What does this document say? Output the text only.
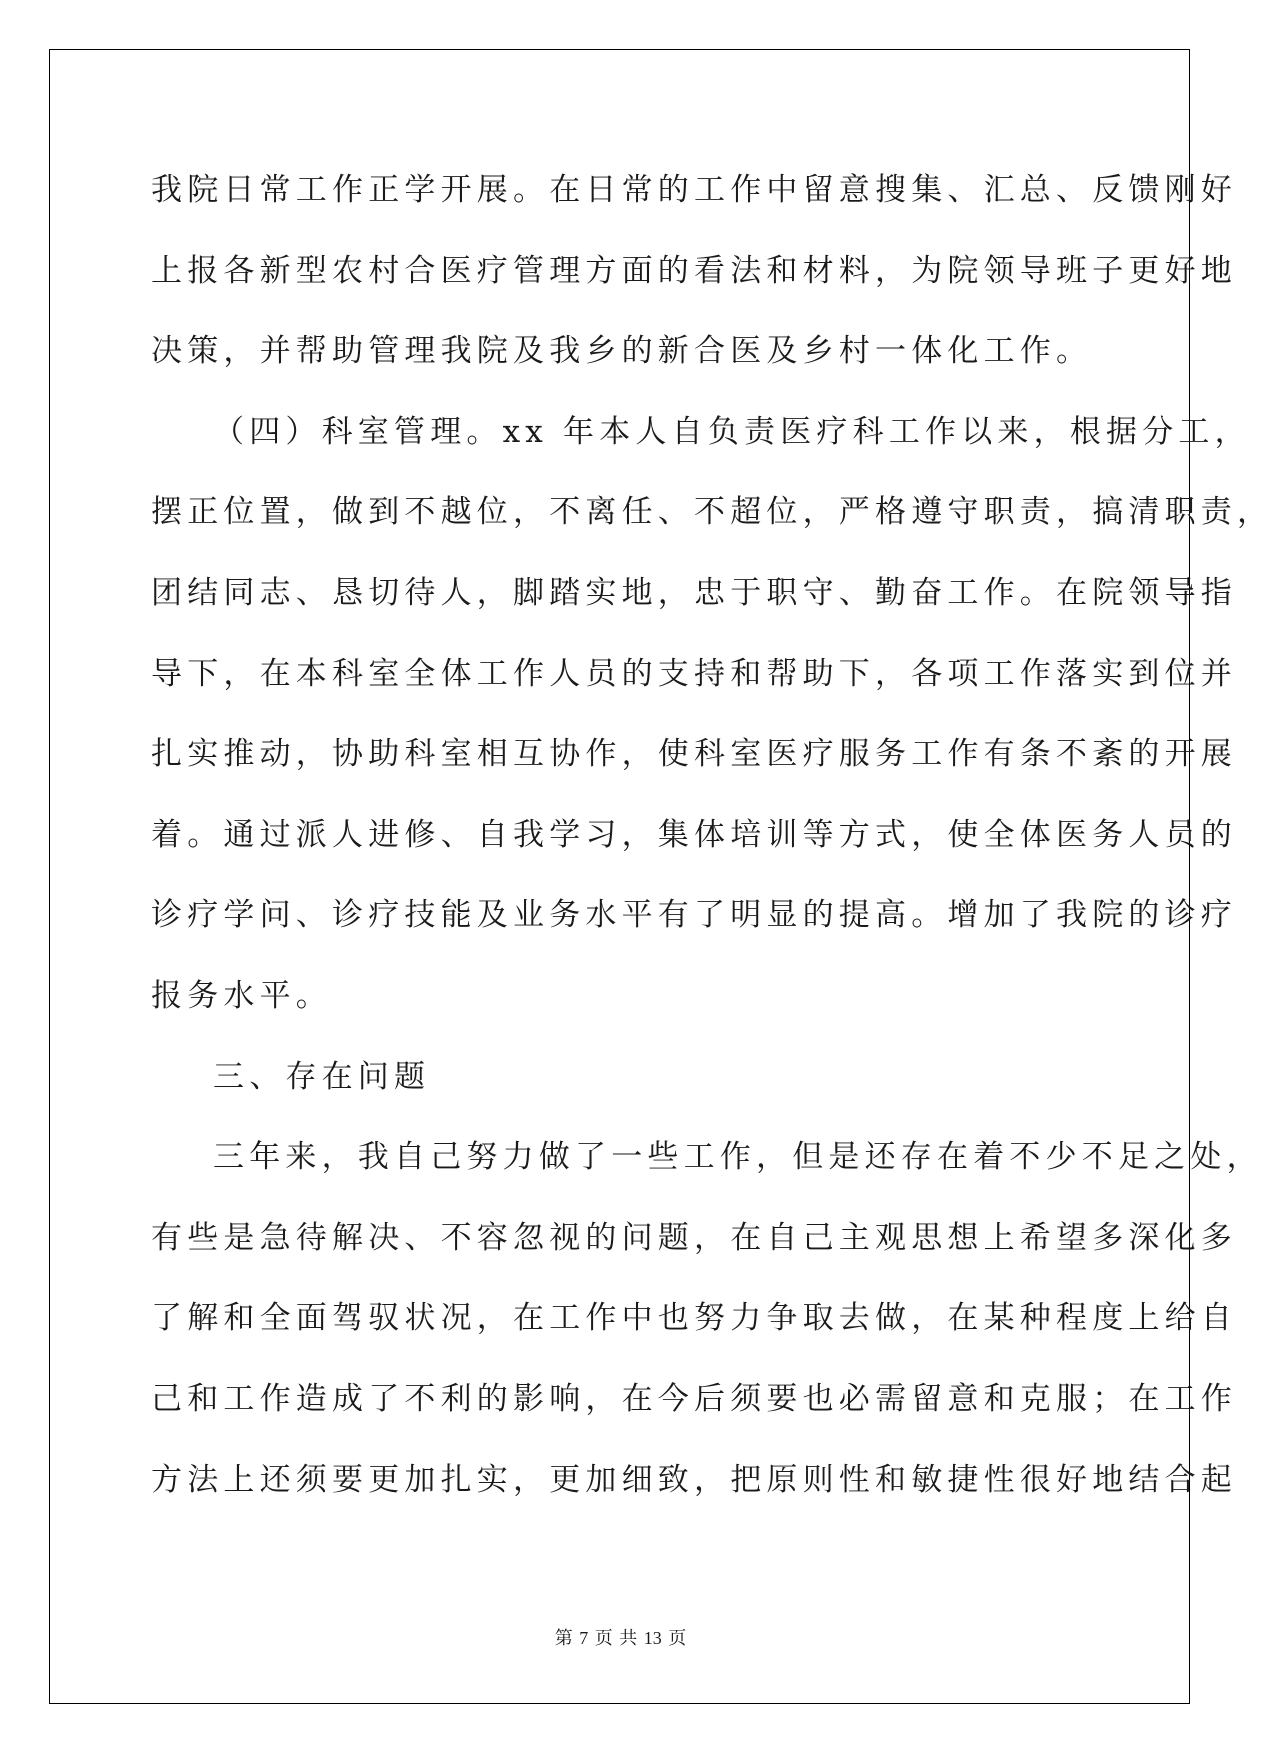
我院日常工作正学开展。在日常的工作中留意搜集、汇总、反馈刚好
上报各新型农村合医疗管理方面的看法和材料，为院领导班子更好地
决策，并帮助管理我院及我乡的新合医及乡村一体化工作。
（四）科室管理。xx 年本人自负责医疗科工作以来，根据分工，
摆正位置，做到不越位，不离任、不超位，严格遵守职责，搞清职责，
团结同志、恳切待人，脚踏实地，忠于职守、勤奋工作。在院领导指
导下，在本科室全体工作人员的支持和帮助下，各项工作落实到位并
扎实推动，协助科室相互协作，使科室医疗服务工作有条不紊的开展
着。通过派人进修、自我学习，集体培训等方式，使全体医务人员的
诊疗学问、诊疗技能及业务水平有了明显的提高。增加了我院的诊疗
报务水平。
三、存在问题
三年来，我自己努力做了一些工作，但是还存在着不少不足之处，
有些是急待解决、不容忽视的问题，在自己主观思想上希望多深化多
了解和全面驾驭状况，在工作中也努力争取去做，在某种程度上给自
己和工作造成了不利的影响，在今后须要也必需留意和克服；在工作
方法上还须要更加扎实，更加细致，把原则性和敏捷性很好地结合起
第 7 页 共 13 页
